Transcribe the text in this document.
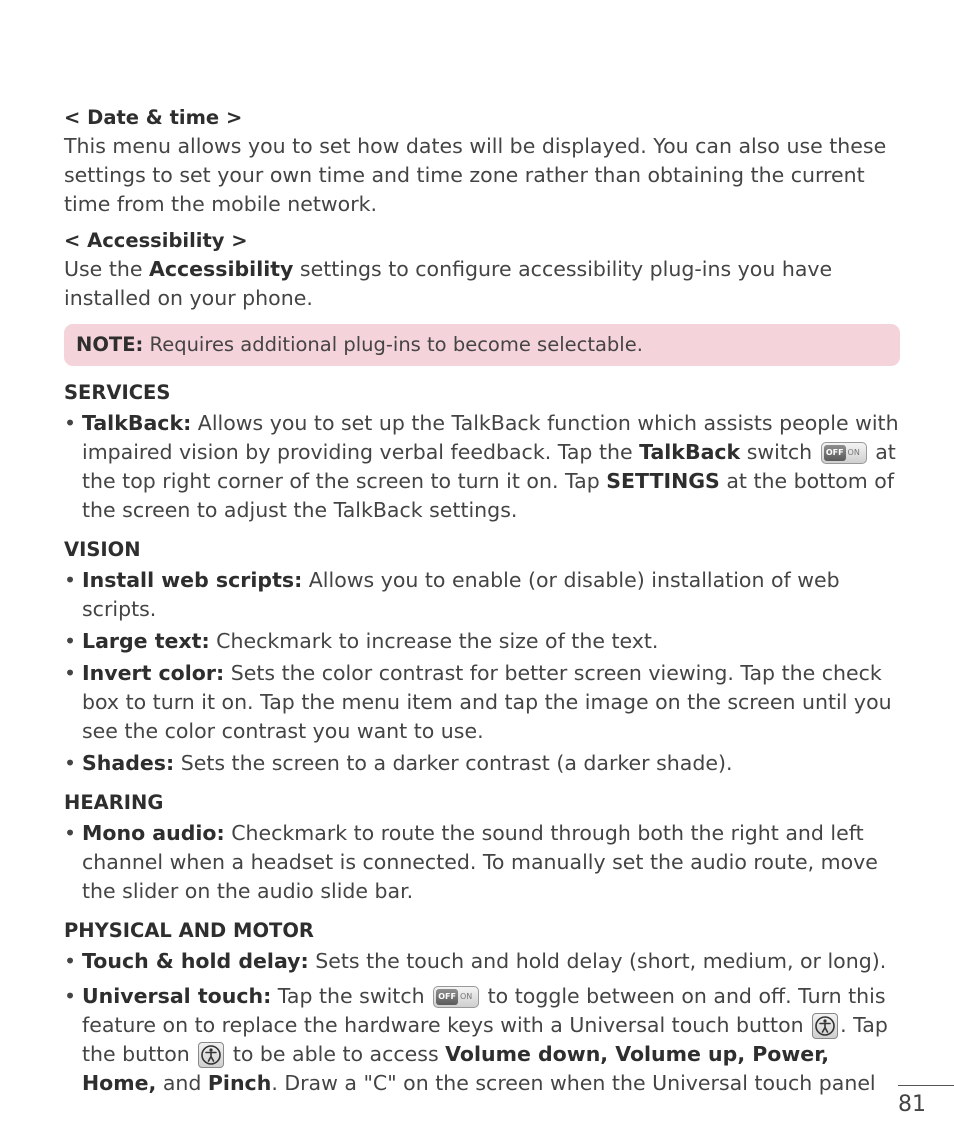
< Date & time >
This menu allows you to set how dates will be displayed. You can also use these settings to set your own time and time zone rather than obtaining the current time from the mobile network.
< Accessibility >
Use the Accessibility settings to configure accessibility plug-ins you have installed on your phone.
NOTE: Requires additional plug-ins to become selectable.
SERVICES
• TalkBack: Allows you to set up the TalkBack function which assists people with impaired vision by providing verbal feedback. Tap the TalkBack switch OFF ON at the top right corner of the screen to turn it on. Tap SETTINGS at the bottom of the screen to adjust the TalkBack settings.
VISION
• Install web scripts: Allows you to enable (or disable) installation of web scripts.
• Large text: Checkmark to increase the size of the text.
• Invert color: Sets the color contrast for better screen viewing. Tap the check box to turn it on. Tap the menu item and tap the image on the screen until you see the color contrast you want to use.
• Shades: Sets the screen to a darker contrast (a darker shade).
HEARING
• Mono audio: Checkmark to route the sound through both the right and left channel when a headset is connected. To manually set the audio route, move the slider on the audio slide bar.
PHYSICAL AND MOTOR
• Touch & hold delay: Sets the touch and hold delay (short, medium, or long).
• Universal touch: Tap the switch OFF ON to toggle between on and off. Turn this feature on to replace the hardware keys with a Universal touch button
. Tap the button
to be able to access Volume down, Volume up, Power, Home, and Pinch. Draw a "C" on the screen when the Universal touch panel
81
